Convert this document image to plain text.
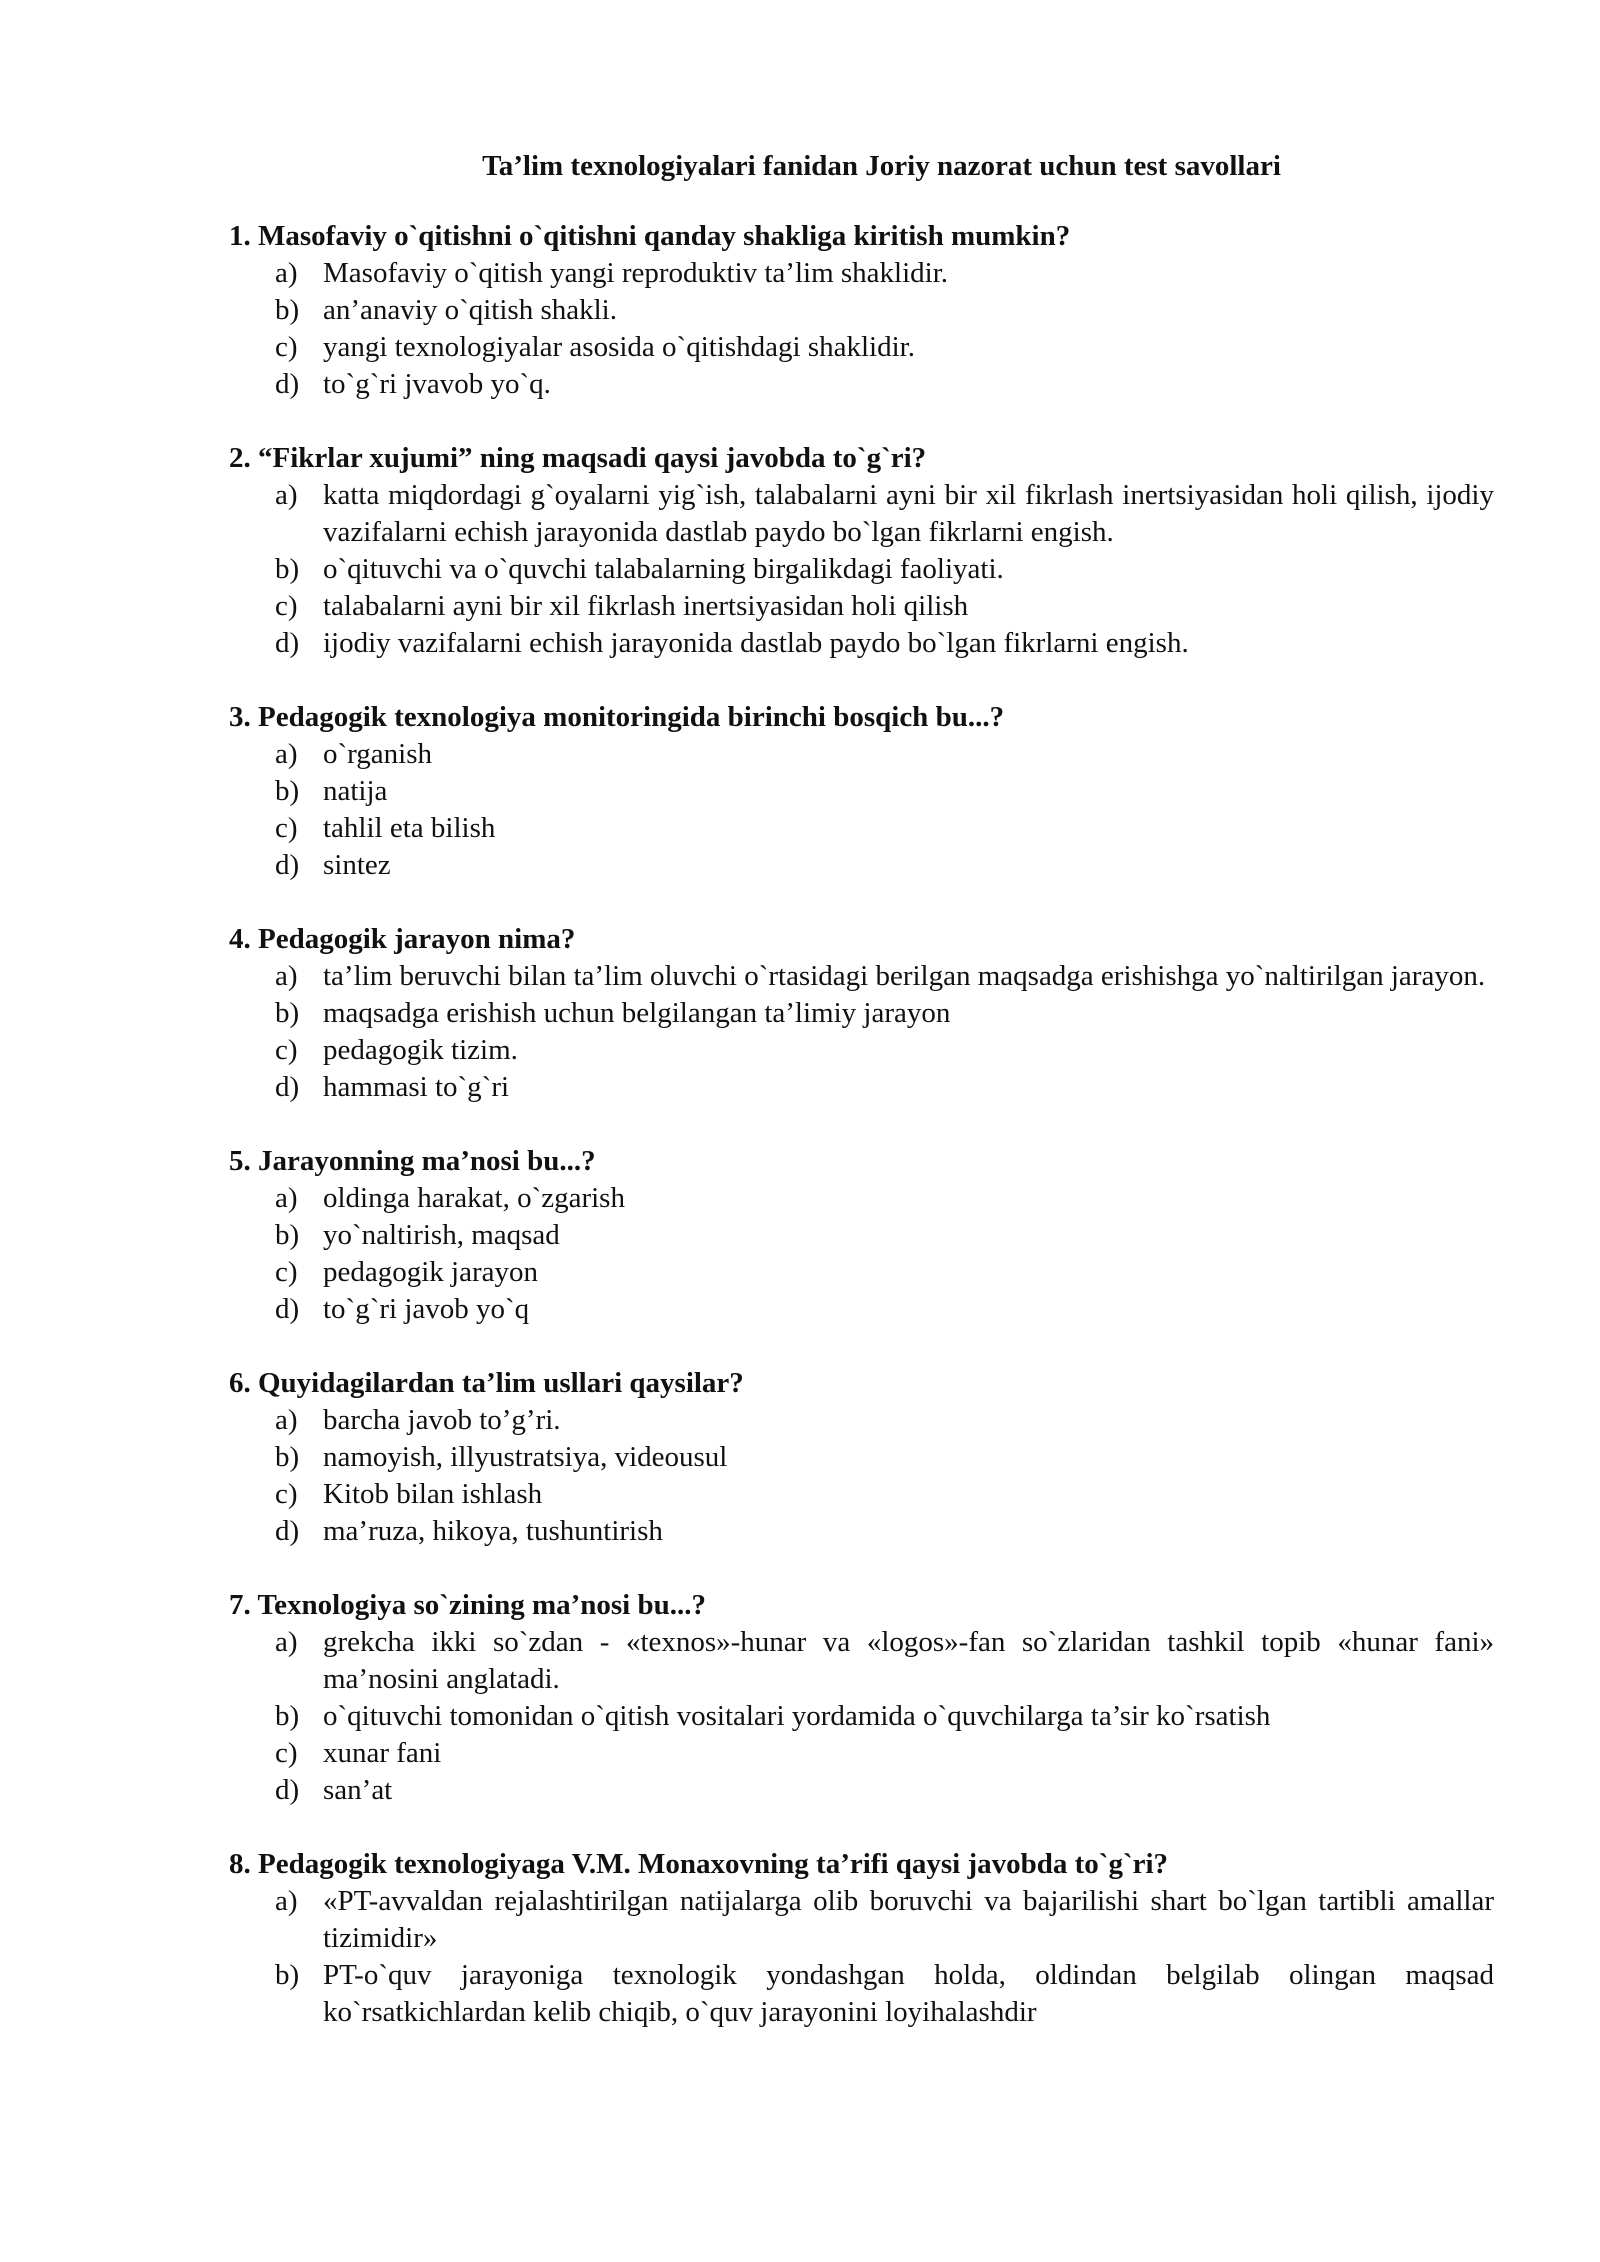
Ta’lim texnologiyalari fanidan Joriy nazorat uchun test savollari

1. Masofaviy o`qitishni o`qitishni qanday shakliga kiritish mumkin?

a) Masofaviy o`qitish yangi reproduktiv ta’lim shaklidir.
b) an’anaviy o`qitish shakli.
c) yangi texnologiyalar asosida o`qitishdagi shaklidir.
d) to`g`ri jvavob yo`q.

2. “Fikrlar xujumi” ning maqsadi qaysi javobda to`g`ri?

a) katta miqdordagi g`oyalarni yig`ish, talabalarni ayni bir xil fikrlash inertsiyasidan holi qilish, ijodiy vazifalarni echish jarayonida dastlab paydo bo`lgan fikrlarni engish.
b) o`qituvchi va o`quvchi talabalarning birgalikdagi faoliyati.
c) talabalarni ayni bir xil fikrlash inertsiyasidan holi qilish
d) ijodiy vazifalarni echish jarayonida dastlab paydo bo`lgan fikrlarni engish.

3. Pedagogik texnologiya monitoringida birinchi bosqich bu...?

a) o`rganish
b) natija
c) tahlil eta bilish
d) sintez

4. Pedagogik jarayon nima?

a) ta’lim beruvchi bilan ta’lim oluvchi o`rtasidagi berilgan maqsadga erishishga yo`naltirilgan jarayon.
b) maqsadga erishish uchun belgilangan ta’limiy jarayon
c) pedagogik tizim.
d) hammasi to`g`ri

5. Jarayonning ma’nosi bu...?

a) oldinga harakat, o`zgarish
b) yo`naltirish, maqsad
c) pedagogik jarayon
d) to`g`ri javob yo`q

6. Quyidagilardan ta’lim usllari qaysilar?

a) barcha javob to’g’ri.
b) namoyish, illyustratsiya, videousul
c) Kitob bilan ishlash
d) ma’ruza, hikoya, tushuntirish

7. Texnologiya so`zining ma’nosi bu...?

a) grekcha ikki so`zdan - «texnos»-hunar va «logos»-fan so`zlaridan tashkil topib «hunar fani» ma’nosini anglatadi.
b) o`qituvchi tomonidan o`qitish vositalari yordamida o`quvchilarga ta’sir ko`rsatish
c) xunar fani
d) san’at

8. Pedagogik texnologiyaga V.M. Monaxovning ta’rifi qaysi javobda to`g`ri?

a) «PT-avvaldan rejalashtirilgan natijalarga olib boruvchi va bajarilishi shart bo`lgan tartibli amallar tizimidir»
b) PT-o`quv jarayoniga texnologik yondashgan holda, oldindan belgilab olingan maqsad ko`rsatkichlardan kelib chiqib, o`quv jarayonini loyihalashdir
